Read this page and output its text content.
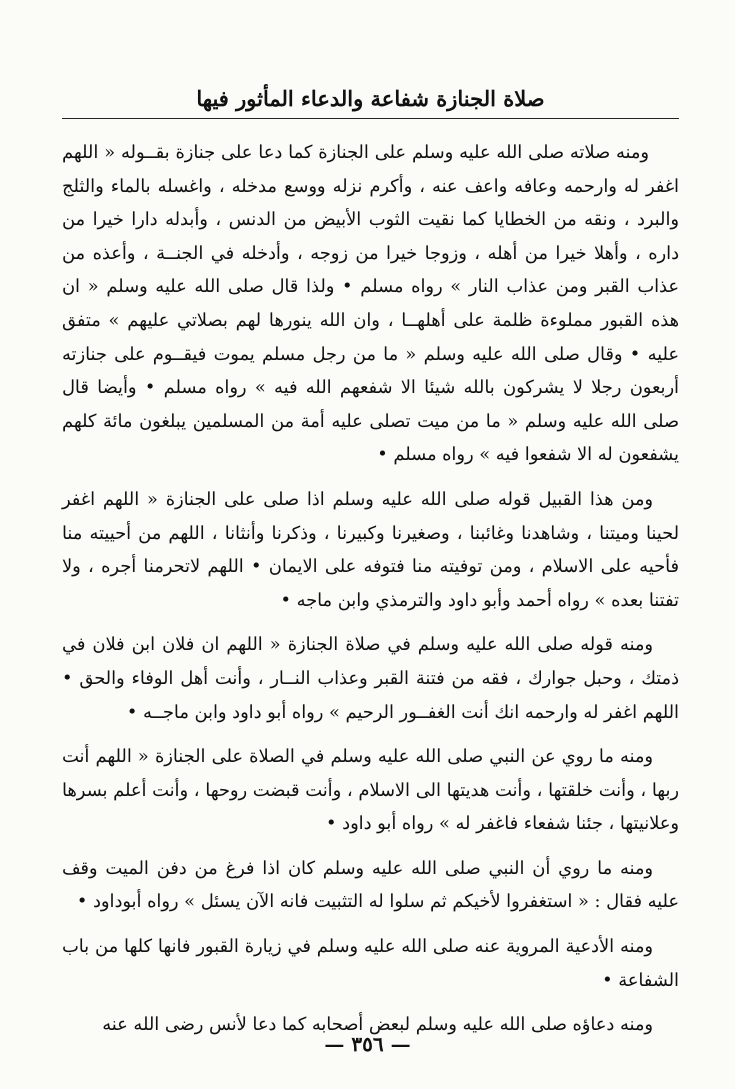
صلاة الجنازة شفاعة والدعاء المأثور فيها

ومنه صلاته صلى الله عليه وسلم على الجنازة كما دعا على جنازة بقــوله « اللهم اغفر له وارحمه وعافه واعف عنه ، وأكرم نزله ووسع مدخله ، واغسله بالماء والثلج والبرد ، ونقه من الخطايا كما نقيت الثوب الأبيض من الدنس ، وأبدله دارا خيرا من داره ، وأهلا خيرا من أهله ، وزوجا خيرا من زوجه ، وأدخله في الجنــة ، وأعذه من عذاب القبر ومن عذاب النار » رواه مسلم • ولذا قال صلى الله عليه وسلم « ان هذه القبور مملوءة ظلمة على أهلهــا ، وان الله ينورها لهم بصلاتي عليهم » متفق عليه • وقال صلى الله عليه وسلم « ما من رجل مسلم يموت فيقــوم على جنازته أربعون رجلا لا يشركون بالله شيئا الا شفعهم الله فيه » رواه مسلم • وأيضا قال صلى الله عليه وسلم « ما من ميت تصلى عليه أمة من المسلمين يبلغون مائة كلهم يشفعون له الا شفعوا فيه » رواه مسلم •

ومن هذا القبيل قوله صلى الله عليه وسلم اذا صلى على الجنازة « اللهم اغفر لحينا وميتنا ، وشاهدنا وغائبنا ، وصغيرنا وكبيرنا ، وذكرنا وأنثانا ، اللهم من أحييته منا فأحيه على الاسلام ، ومن توفيته منا فتوفه على الايمان • اللهم لاتحرمنا أجره ، ولا تفتنا بعده » رواه أحمد وأبو داود والترمذي وابن ماجه •

ومنه قوله صلى الله عليه وسلم في صلاة الجنازة « اللهم ان فلان ابن فلان في ذمتك ، وحبل جوارك ، فقه من فتنة القبر وعذاب النــار ، وأنت أهل الوفاء والحق • اللهم اغفر له وارحمه انك أنت الغفــور الرحيم » رواه أبو داود وابن ماجــه •

ومنه ما روي عن النبي صلى الله عليه وسلم في الصلاة على الجنازة « اللهم أنت ربها ، وأنت خلقتها ، وأنت هديتها الى الاسلام ، وأنت قبضت روحها ، وأنت أعلم بسرها وعلانيتها ، جئنا شفعاء فاغفر له » رواه أبو داود •

ومنه ما روي أن النبي صلى الله عليه وسلم كان اذا فرغ من دفن الميت وقف عليه فقال : « استغفروا لأخيكم ثم سلوا له التثبيت فانه الآن يسئل » رواه أبوداود •

ومنه الأدعية المروية عنه صلى الله عليه وسلم في زيارة القبور فانها كلها من باب الشفاعة •

ومنه دعاؤه صلى الله عليه وسلم لبعض أصحابه كما دعا لأنس رضى الله عنه

— ٣٥٦ —
